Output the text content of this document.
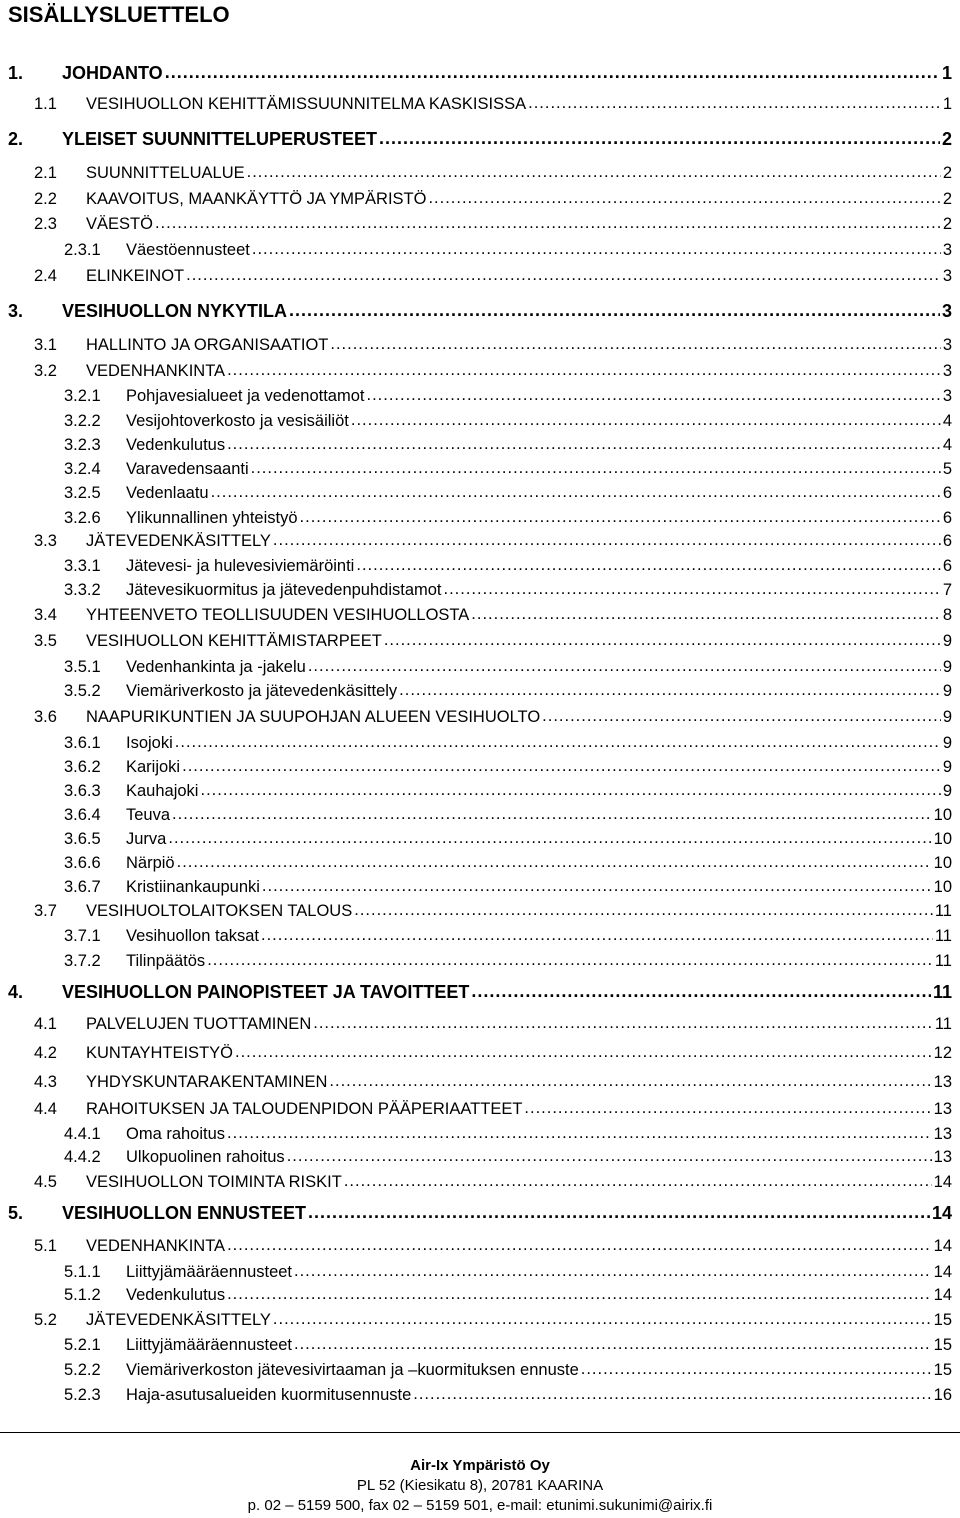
SISÄLLYSLUETTELO
1.	JOHDANTO .....	1
1.1	VESIHUOLLON KEHITTÄMISSUUNNITELMA KASKISISSA .....	1
2.	YLEISET SUUNNITTELUPERUSTEET .....	2
2.1	SUUNNITTELUALUE .....	2
2.2	KAAVOITUS, MAANKÄYTTÖ JA YMPÄRISTÖ .....	2
2.3	VÄESTÖ .....	2
2.3.1	Väestöennusteet .....	3
2.4	ELINKEINOT .....	3
3.	VESIHUOLLON NYKYTILA .....	3
3.1	HALLINTO JA ORGANISAATIOT .....	3
3.2	VEDENHANKINTA .....	3
3.2.1	Pohjavesialueet ja vedenottamot .....	3
3.2.2	Vesijohtoverkosto ja vesisäiliöt .....	4
3.2.3	Vedenkulutus .....	4
3.2.4	Varavedensaanti .....	5
3.2.5	Vedenlaatu .....	6
3.2.6	Ylikunnallinen yhteistyö .....	6
3.3	JÄTEVEDENKÄSITTELY .....	6
3.3.1	Jätevesi- ja hulevesiviemäröinti .....	6
3.3.2	Jätevesikuormitus ja jätevedenpuhdistamot .....	7
3.4	YHTEENVETO TEOLLISUUDEN VESIHUOLLOSTA .....	8
3.5	VESIHUOLLON KEHITTÄMISTARPEET .....	9
3.5.1	Vedenhankinta ja -jakelu .....	9
3.5.2	Viemäriverkosto ja jätevedenkäsittely .....	9
3.6	NAAPURIKUNTIEN JA SUUPOHJAN ALUEEN VESIHUOLTO .....	9
3.6.1	Isojoki .....	9
3.6.2	Karijoki .....	9
3.6.3	Kauhajoki .....	9
3.6.4	Teuva .....	10
3.6.5	Jurva .....	10
3.6.6	Närpiö .....	10
3.6.7	Kristiinankaupunki .....	10
3.7	VESIHUOLTOLAITOKSEN TALOUS .....	11
3.7.1	Vesihuollon taksat .....	11
3.7.2	Tilinpäätös .....	11
4.	VESIHUOLLON PAINOPISTEET JA TAVOITTEET .....	11
4.1	PALVELUJEN TUOTTAMINEN .....	11
4.2	KUNTAYHTEISTYÖ .....	12
4.3	YHDYSKUNTARAKENTAMINEN .....	13
4.4	RAHOITUKSEN JA TALOUDENPIDON PÄÄPERIAATTEET .....	13
4.4.1	Oma rahoitus .....	13
4.4.2	Ulkopuolinen rahoitus .....	13
4.5	VESIHUOLLON TOIMINTA RISKIT .....	14
5.	VESIHUOLLON ENNUSTEET .....	14
5.1	VEDENHANKINTA .....	14
5.1.1	Liittyjämääräennusteet .....	14
5.1.2	Vedenkulutus .....	14
5.2	JÄTEVEDENKÄSITTELY .....	15
5.2.1	Liittyjämääräennusteet .....	15
5.2.2	Viemäriverkoston jätevesivirtaaman ja –kuormituksen ennuste .....	15
5.2.3	Haja-asutusalueiden kuormitusennuste .....	16
Air-Ix Ympäristö Oy
PL 52 (Kiesikatu 8), 20781 KAARINA
p. 02 – 5159 500, fax 02 – 5159 501, e-mail: etunimi.sukunimi@airix.fi
